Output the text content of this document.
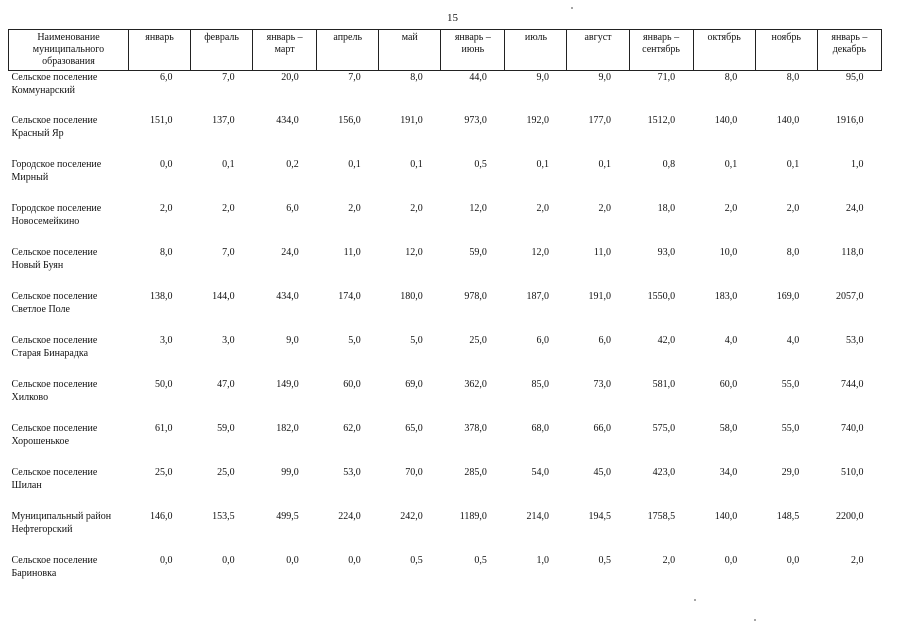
15
Наименование муниципального образования	январь	февраль	январь – март	апрель	май	январь – июнь	июль	август	январь – сентябрь	октябрь	ноябрь	январь – декабрь

Сельское поселение
Коммунарский	6,0	7,0	20,0	7,0	8,0	44,0	9,0	9,0	71,0	8,0	8,0	95,0

Сельское поселение
Красный Яр	151,0	137,0	434,0	156,0	191,0	973,0	192,0	177,0	1512,0	140,0	140,0	1916,0

Городское поселение
Мирный	0,0	0,1	0,2	0,1	0,1	0,5	0,1	0,1	0,8	0,1	0,1	1,0

Городское поселение
Новосемейкино	2,0	2,0	6,0	2,0	2,0	12,0	2,0	2,0	18,0	2,0	2,0	24,0

Сельское поселение
Новый Буян	8,0	7,0	24,0	11,0	12,0	59,0	12,0	11,0	93,0	10,0	8,0	118,0

Сельское поселение
Светлое Поле	138,0	144,0	434,0	174,0	180,0	978,0	187,0	191,0	1550,0	183,0	169,0	2057,0

Сельское поселение
Старая Бинарадка	3,0	3,0	9,0	5,0	5,0	25,0	6,0	6,0	42,0	4,0	4,0	53,0

Сельское поселение
Хилково	50,0	47,0	149,0	60,0	69,0	362,0	85,0	73,0	581,0	60,0	55,0	744,0

Сельское поселение
Хорошенькое	61,0	59,0	182,0	62,0	65,0	378,0	68,0	66,0	575,0	58,0	55,0	740,0

Сельское поселение
Шилан	25,0	25,0	99,0	53,0	70,0	285,0	54,0	45,0	423,0	34,0	29,0	510,0

Муниципальный район
Нефтегорский	146,0	153,5	499,5	224,0	242,0	1189,0	214,0	194,5	1758,5	140,0	148,5	2200,0

Сельское поселение
Бариновка	0,0	0,0	0,0	0,0	0,5	0,5	1,0	0,5	2,0	0,0	0,0	2,0
